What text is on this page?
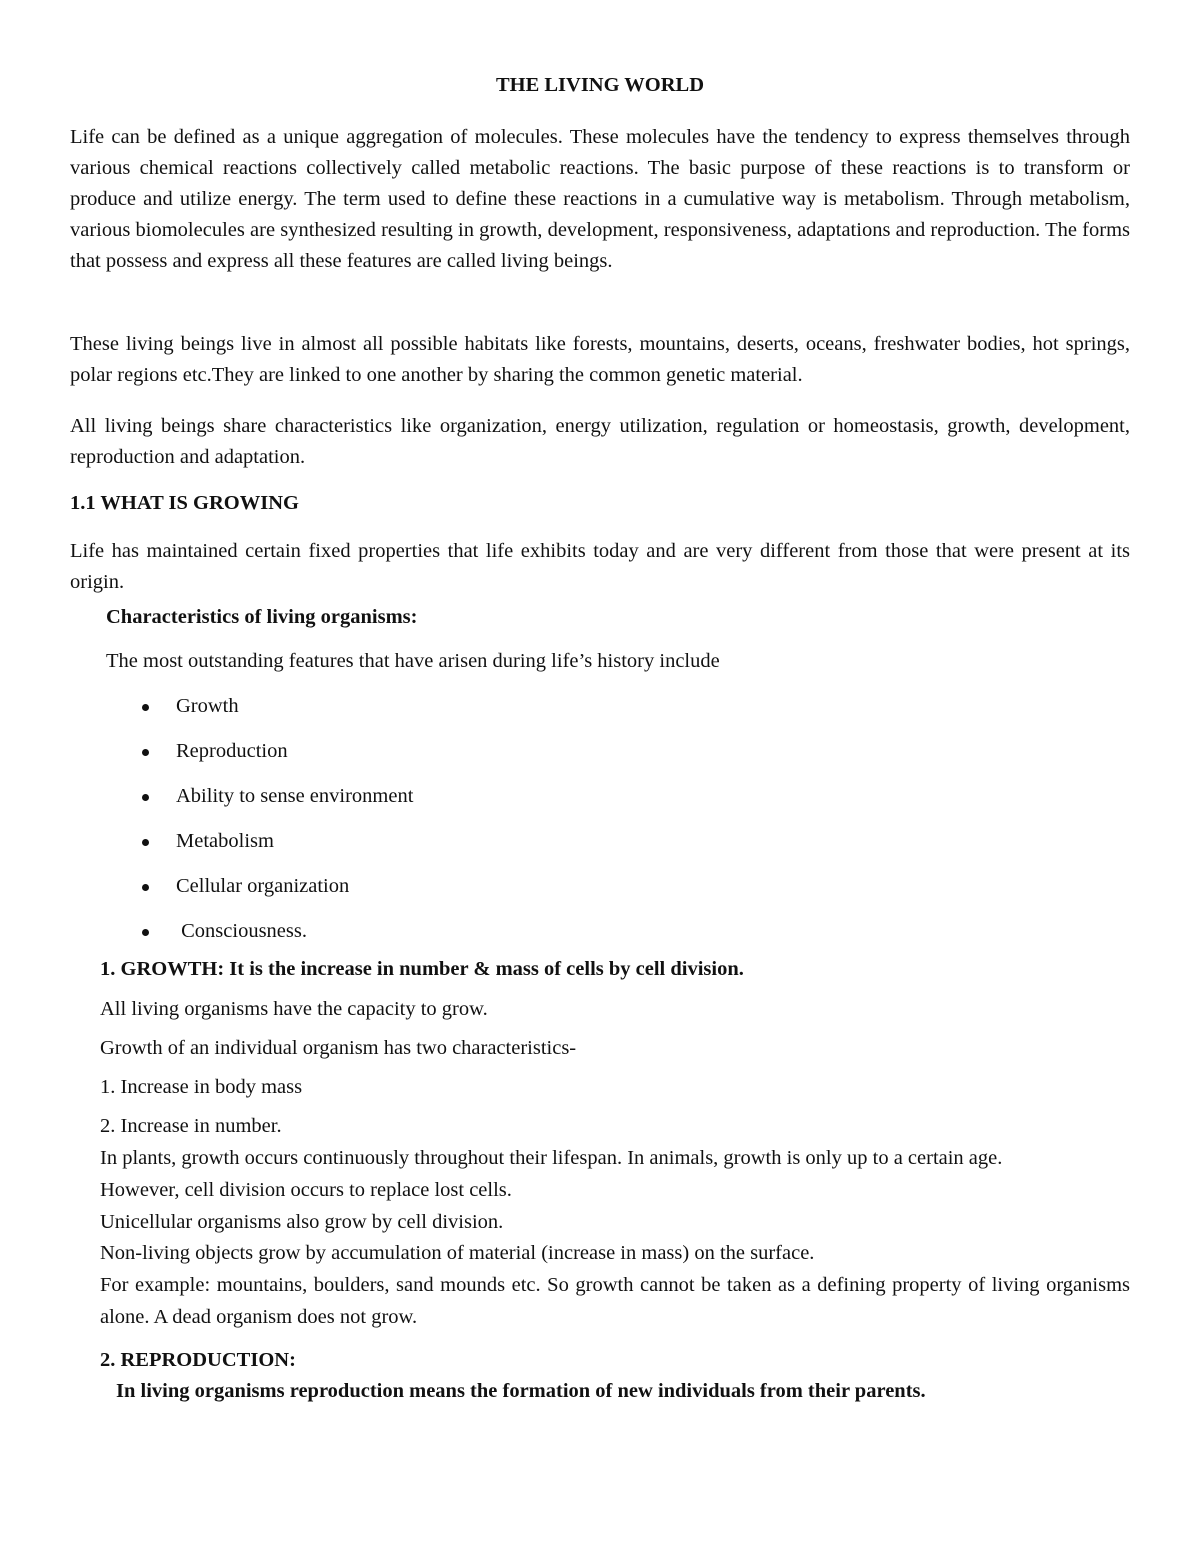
THE LIVING WORLD

Life can be defined as a unique aggregation of molecules. These molecules have the tendency to express themselves through various chemical reactions collectively called metabolic reactions. The basic purpose of these reactions is to transform or produce and utilize energy. The term used to define these reactions in a cumulative way is metabolism. Through metabolism, various biomolecules are synthesized resulting in growth, development, responsiveness, adaptations and reproduction. The forms that possess and express all these features are called living beings.

These living beings live in almost all possible habitats like forests, mountains, deserts, oceans, freshwater bodies, hot springs, polar regions etc.They are linked to one another by sharing the common genetic material.

All living beings share characteristics like organization, energy utilization, regulation or homeostasis, growth, development, reproduction and adaptation.

1.1 WHAT IS GROWING

Life has maintained certain fixed properties that life exhibits today and are very different from those that were present at its origin.

Characteristics of living organisms:
The most outstanding features that have arisen during life’s history include
Growth
Reproduction
Ability to sense environment
Metabolism
Cellular organization
Consciousness.
1. GROWTH: It is the increase in number & mass of cells by cell division.
All living organisms have the capacity to grow.
Growth of an individual organism has two characteristics-
1. Increase in body mass
2. Increase in number.
In plants, growth occurs continuously throughout their lifespan. In animals, growth is only up to a certain age.
However, cell division occurs to replace lost cells.
Unicellular organisms also grow by cell division.
Non-living objects grow by accumulation of material (increase in mass) on the surface.

For example: mountains, boulders, sand mounds etc. So growth cannot be taken as a defining property of living organisms alone. A dead organism does not grow.

2. REPRODUCTION:
In living organisms reproduction means the formation of new individuals from their parents.
